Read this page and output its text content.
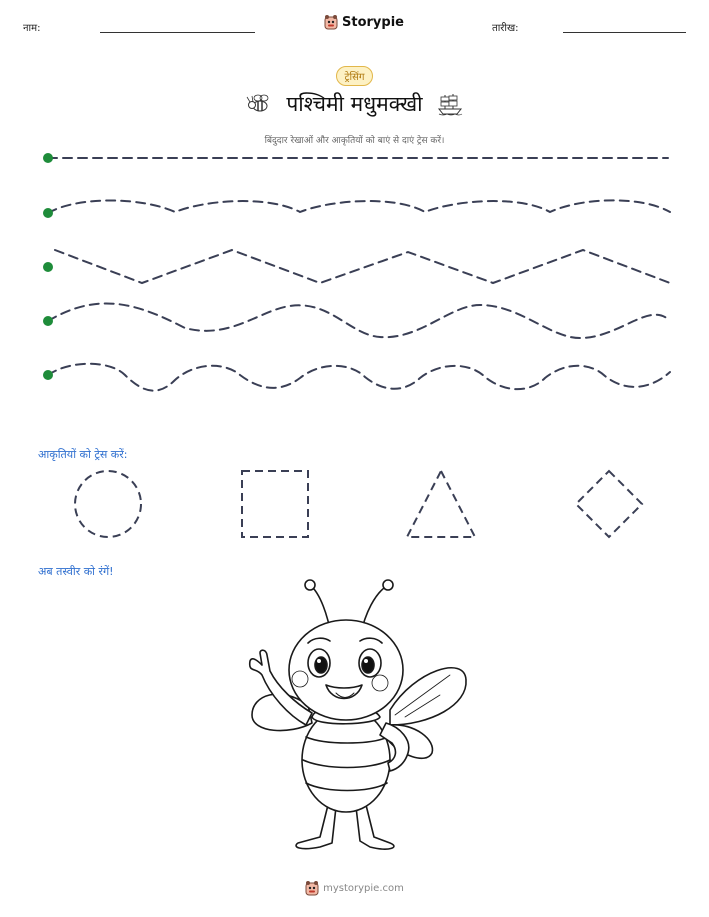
नाम:	Storypie	तारीख:
ट्रेसिंग
पश्चिमी मधुमक्खी
बिंदुदार रेखाओं और आकृतियों को बाएं से दाएं ट्रेस करें।
आकृतियों को ट्रेस करें:
अब तस्वीर को रंगें!
mystorypie.com
